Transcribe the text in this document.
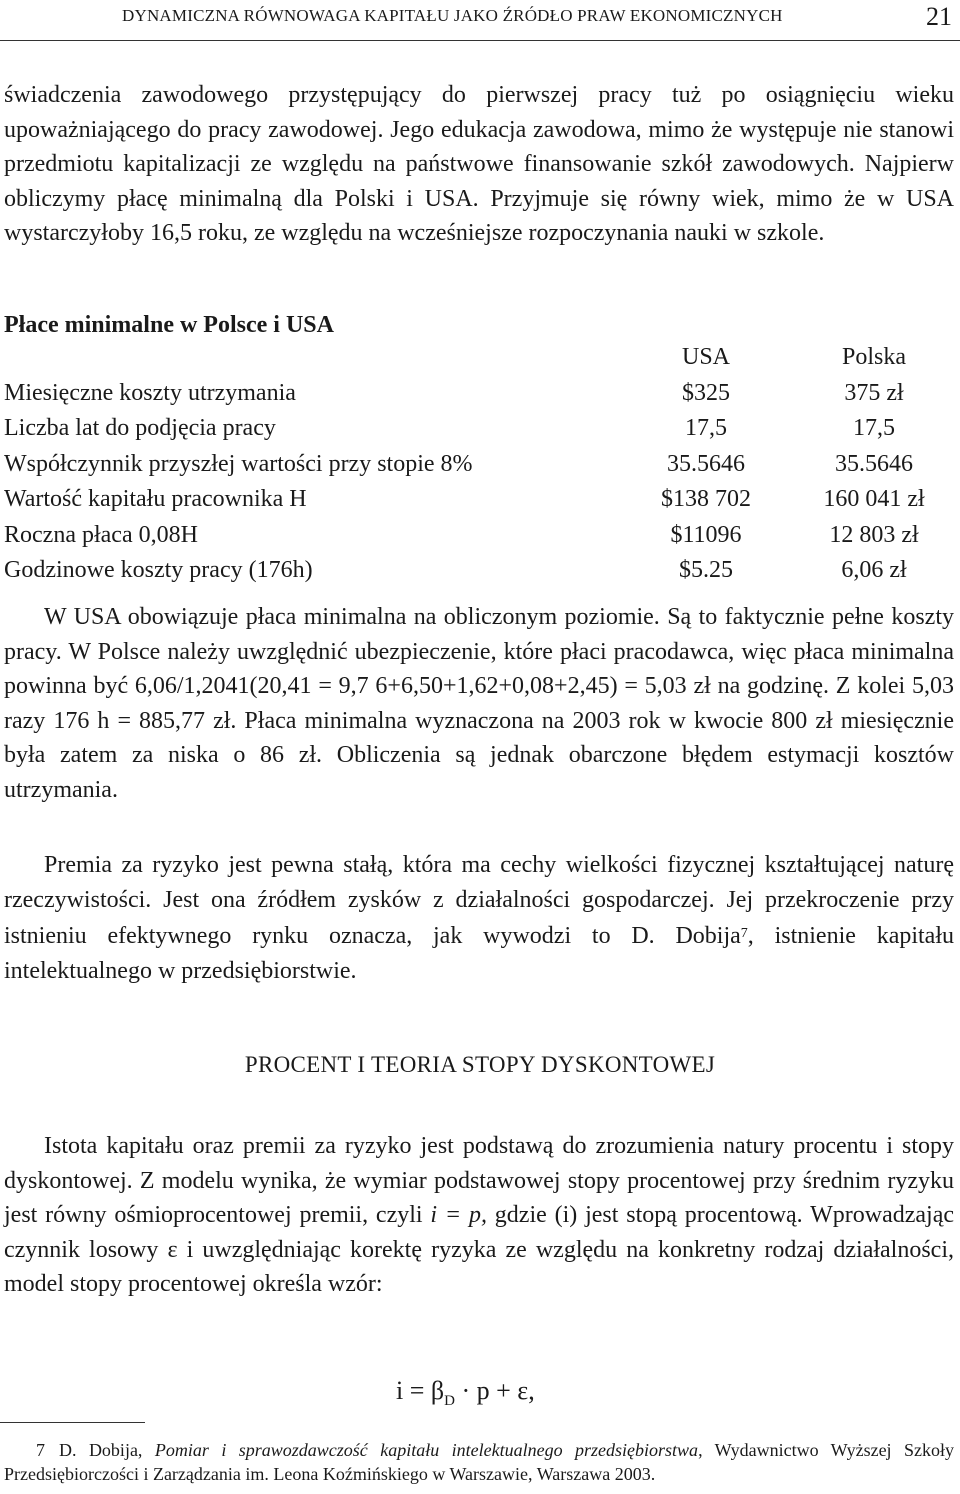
DYNAMICZNA RÓWNOWAGA KAPITAŁU JAKO ŹRÓDŁO PRAW EKONOMICZNYCH	21
świadczenia zawodowego przystępujący do pierwszej pracy tuż po osiągnięciu wieku upoważniającego do pracy zawodowej. Jego edukacja zawodowa, mimo że występuje nie stanowi przedmiotu kapitalizacji ze względu na państwowe finansowanie szkół zawodowych. Najpierw obliczymy płacę minimalną dla Polski i USA. Przyjmuje się równy wiek, mimo że w USA wystarczyłoby 16,5 roku, ze względu na wcześniejsze rozpoczynania nauki w szkole.
Płace minimalne w Polsce i USA
USA	Polska
Miesięczne koszty utrzymania	$325	375 zł
Liczba lat do podjęcia pracy	17,5	17,5
Współczynnik przyszłej wartości przy stopie 8%	35.5646	35.5646
Wartość kapitału pracownika H	$138 702	160 041 zł
Roczna płaca 0,08H	$11096	12 803 zł
Godzinowe koszty pracy (176h)	$5.25	6,06 zł
W USA obowiązuje płaca minimalna na obliczonym poziomie. Są to faktycznie pełne koszty pracy. W Polsce należy uwzględnić ubezpieczenie, które płaci pracodawca, więc płaca minimalna powinna być 6,06/1,2041(20,41 = 9,7 6+6,50+1,62+0,08+2,45) = 5,03 zł na godzinę. Z kolei 5,03 razy 176 h = 885,77 zł. Płaca minimalna wyznaczona na 2003 rok w kwocie 800 zł miesięcznie była zatem za niska o 86 zł. Obliczenia są jednak obarczone błędem estymacji kosztów utrzymania.
Premia za ryzyko jest pewna stałą, która ma cechy wielkości fizycznej kształtującej naturę rzeczywistości. Jest ona źródłem zysków z działalności gospodarczej. Jej przekroczenie przy istnieniu efektywnego rynku oznacza, jak wywodzi to D. Dobija$^7$, istnienie kapitału intelektualnego w przedsiębiorstwie.
PROCENT I TEORIA STOPY DYSKONTOWEJ
Istota kapitału oraz premii za ryzyko jest podstawą do zrozumienia natury procentu i stopy dyskontowej. Z modelu wynika, że wymiar podstawowej stopy procentowej przy średnim ryzyku jest równy ośmioprocentowej premii, czyli i = p, gdzie (i) jest stopą procentową. Wprowadzając czynnik losowy ε i uwzględniając korektę ryzyka ze względu na konkretny rodzaj działalności, model stopy procentowej określa wzór:
$i = \beta_D \cdot p + \varepsilon$,
7 D. Dobija, Pomiar i sprawozdawczość kapitału intelektualnego przedsiębiorstwa, Wydawnictwo Wyższej Szkoły Przedsiębiorczości i Zarządzania im. Leona Koźmińskiego w Warszawie, Warszawa 2003.
